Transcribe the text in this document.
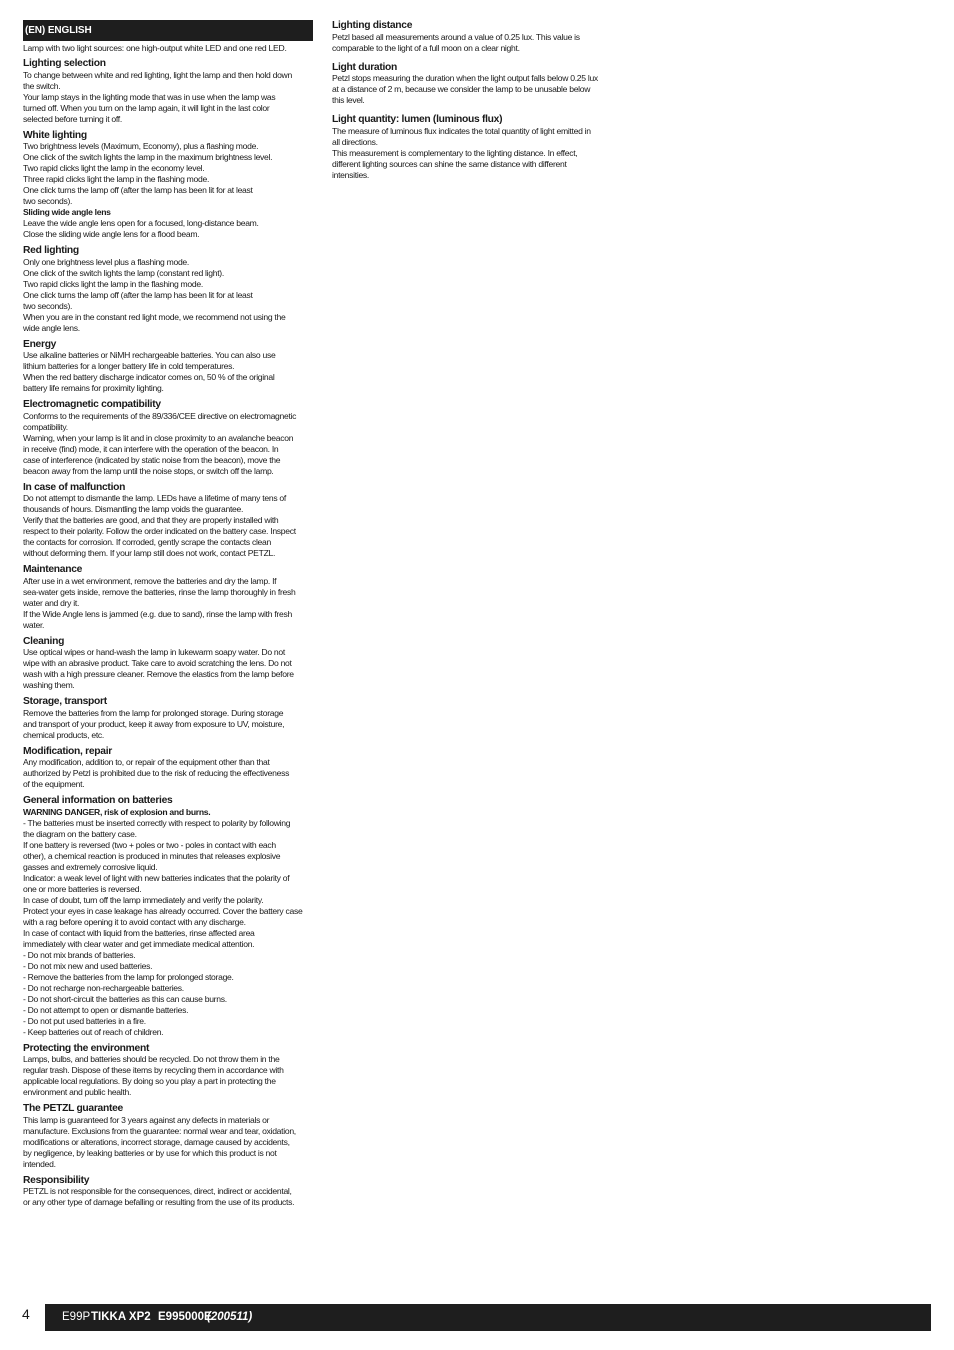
(EN) ENGLISH

Lamp with two light sources: one high-output white LED and one red LED.

Lighting selection

To change between white and red lighting, light the lamp and then hold down

the switch.

Your lamp stays in the lighting mode that was in use when the lamp was

turned off. When you turn on the lamp again, it will light in the last color

selected before turning it off.

White lighting

Two brightness levels (Maximum, Economy), plus a flashing mode.

One click of the switch lights the lamp in the maximum brightness level.

Two rapid clicks light the lamp in the economy level.

Three rapid clicks light the lamp in the flashing mode.

One click turns the lamp off (after the lamp has been lit for at least

two seconds).

Sliding wide angle lens

Leave the wide angle lens open for a focused, long-distance beam.

Close the sliding wide angle lens for a flood beam.

Red lighting

Only one brightness level plus a flashing mode.

One click of the switch lights the lamp (constant red light).

Two rapid clicks light the lamp in the flashing mode.

One click turns the lamp off (after the lamp has been lit for at least

two seconds).

When you are in the constant red light mode, we recommend not using the

wide angle lens.

Energy

Use alkaline batteries or NiMH rechargeable batteries. You can also use

lithium batteries for a longer battery life in cold temperatures.

When the red battery discharge indicator comes on, 50 % of the original

battery life remains for proximity lighting.

Electromagnetic compatibility

Conforms to the requirements of the 89/336/CEE directive on electromagnetic

compatibility.

Warning, when your lamp is lit and in close proximity to an avalanche beacon

in receive (find) mode, it can interfere with the operation of the beacon. In

case of interference (indicated by static noise from the beacon), move the

beacon away from the lamp until the noise stops, or switch off the lamp.

In case of malfunction

Do not attempt to dismantle the lamp. LEDs have a lifetime of many tens of

thousands of hours. Dismantling the lamp voids the guarantee.

Verify that the batteries are good, and that they are properly installed with

respect to their polarity. Follow the order indicated on the battery case. Inspect

the contacts for corrosion. If corroded, gently scrape the contacts clean

without deforming them. If your lamp still does not work, contact PETZL.

Maintenance

After use in a wet environment, remove the batteries and dry the lamp. If

sea-water gets inside, remove the batteries, rinse the lamp thoroughly in fresh

water and dry it.

If the Wide Angle lens is jammed (e.g. due to sand), rinse the lamp with fresh

water.

Cleaning

Use optical wipes or hand-wash the lamp in lukewarm soapy water. Do not

wipe with an abrasive product. Take care to avoid scratching the lens. Do not

wash with a high pressure cleaner. Remove the elastics from the lamp before

washing them.

Storage, transport

Remove the batteries from the lamp for prolonged storage. During storage

and transport of your product, keep it away from exposure to UV, moisture,

chemical products, etc.

Modification, repair

Any modification, addition to, or repair of the equipment other than that

authorized by Petzl is prohibited due to the risk of reducing the effectiveness

of the equipment.

General information on batteries

WARNING DANGER, risk of explosion and burns.

- The batteries must be inserted correctly with respect to polarity by following

the diagram on the battery case.

If one battery is reversed (two + poles or two - poles in contact with each

other), a chemical reaction is produced in minutes that releases explosive

gasses and extremely corrosive liquid.

Indicator: a weak level of light with new batteries indicates that the polarity of

one or more batteries is reversed.

In case of doubt, turn off the lamp immediately and verify the polarity.

Protect your eyes in case leakage has already occurred. Cover the battery case

with a rag before opening it to avoid contact with any discharge.

In case of contact with liquid from the batteries, rinse affected area

immediately with clear water and get immediate medical attention.

- Do not mix brands of batteries.

- Do not mix new and used batteries.

- Remove the batteries from the lamp for prolonged storage.

- Do not recharge non-rechargeable batteries.

- Do not short-circuit the batteries as this can cause burns.

- Do not attempt to open or dismantle batteries.

- Do not put used batteries in a fire.

- Keep batteries out of reach of children.

Protecting the environment

Lamps, bulbs, and batteries should be recycled. Do not throw them in the

regular trash. Dispose of these items by recycling them in accordance with

applicable local regulations. By doing so you play a part in protecting the

environment and public health.

The PETZL guarantee

This lamp is guaranteed for 3 years against any defects in materials or

manufacture. Exclusions from the guarantee: normal wear and tear, oxidation,

modifications or alterations, incorrect storage, damage caused by accidents,

by negligence, by leaking batteries or by use for which this product is not

intended.

Responsibility

PETZL is not responsible for the consequences, direct, indirect or accidental,

or any other type of damage befalling or resulting from the use of its products.

Lighting distance

Petzl based all measurements around a value of 0.25 lux. This value is

comparable to the light of a full moon on a clear night.

Light duration

Petzl stops measuring the duration when the light output falls below 0.25 lux

at a distance of 2 m, because we consider the lamp to be unusable below

this level.

Light quantity: lumen (luminous flux)

The measure of luminous flux indicates the total quantity of light emitted in

all directions.

This measurement is complementary to the lighting distance. In effect,

different lighting sources can shine the same distance with different

intensities.

4	E99P TIKKA XP2 E995000E
(200511)
